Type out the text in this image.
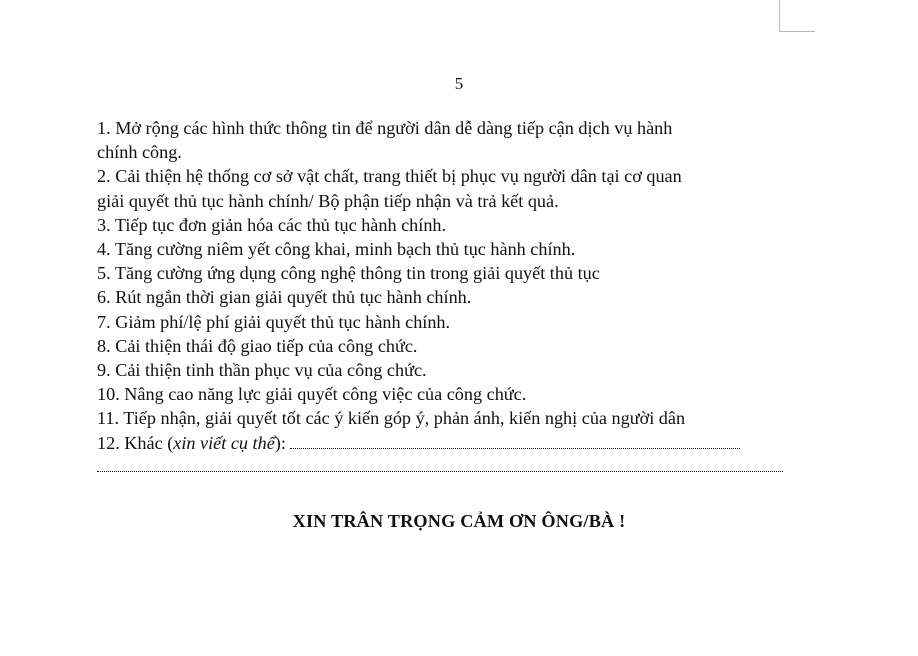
5
1. Mở rộng các hình thức thông tin để người dân dễ dàng tiếp cận dịch vụ hành
chính công.
2. Cải thiện hệ thống cơ sở vật chất, trang thiết bị phục vụ người dân tại cơ quan
giải quyết thủ tục hành chính/ Bộ phận tiếp nhận và trả kết quả.
3. Tiếp tục đơn giản hóa các thủ tục hành chính.
4. Tăng cường niêm yết công khai, minh bạch thủ tục hành chính.
5. Tăng cường ứng dụng công nghệ thông tin trong giải quyết thủ tục
6. Rút ngắn thời gian giải quyết thủ tục hành chính.
7. Giảm phí/lệ phí giải quyết thủ tục hành chính.
8. Cải thiện thái độ giao tiếp của công chức.
9. Cải thiện tinh thần phục vụ của công chức.
10. Nâng cao năng lực giải quyết công việc của công chức.
11. Tiếp nhận, giải quyết tốt các ý kiến góp ý, phản ánh, kiến nghị của người dân
12. Khác (xin viết cụ thể):
XIN TRÂN TRỌNG CẢM ƠN ÔNG/BÀ !
